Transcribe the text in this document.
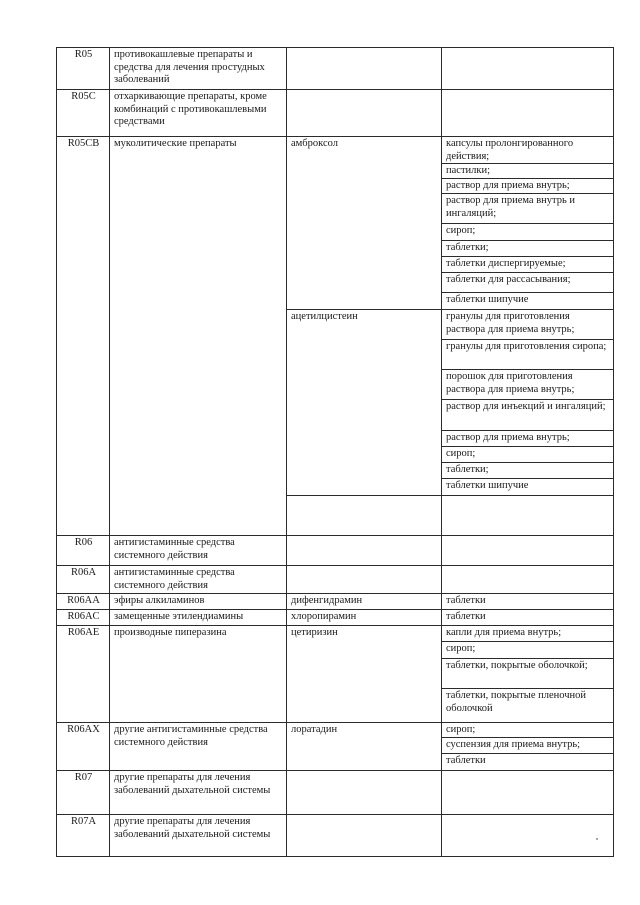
R05	противокашлевые препараты и средства для лечения простудных заболеваний			
R05C	отхаркивающие препараты, кроме комбинаций с противокашлевыми средствами			
R05CB	муколитические препараты	амброксол	капсулы пролонгированного действия;	
			пастилки;	
			раствор для приема внутрь;	
			раствор для приема внутрь и ингаляций;	
			сироп;	
			таблетки;	
			таблетки диспергируемые;	
			таблетки для рассасывания;	
			таблетки шипучие	
		ацетилцистеин	гранулы для приготовления раствора для приема внутрь;	
			гранулы для приготовления сиропа;	
			порошок для приготовления раствора для приема внутрь;	
			раствор для инъекций и ингаляций;	
			раствор для приема внутрь;	
			сироп;	
			таблетки;	
			таблетки шипучие	

R06	антигистаминные средства системного действия			
R06A	антигистаминные средства системного действия			
R06AA	эфиры алкиламинов	дифенгидрамин	таблетки	
R06AC	замещенные этилендиамины	хлоропирамин	таблетки	
R06AE	производные пиперазина	цетиризин	капли для приема внутрь;	
			сироп;	
			таблетки, покрытые оболочкой;	
			таблетки, покрытые пленочной оболочкой	
R06AX	другие антигистаминные средства системного действия	лоратадин	сироп;	
			суспензия для приема внутрь;	
			таблетки	
R07	другие препараты для лечения заболеваний дыхательной системы			
R07A	другие препараты для лечения заболеваний дыхательной системы			
